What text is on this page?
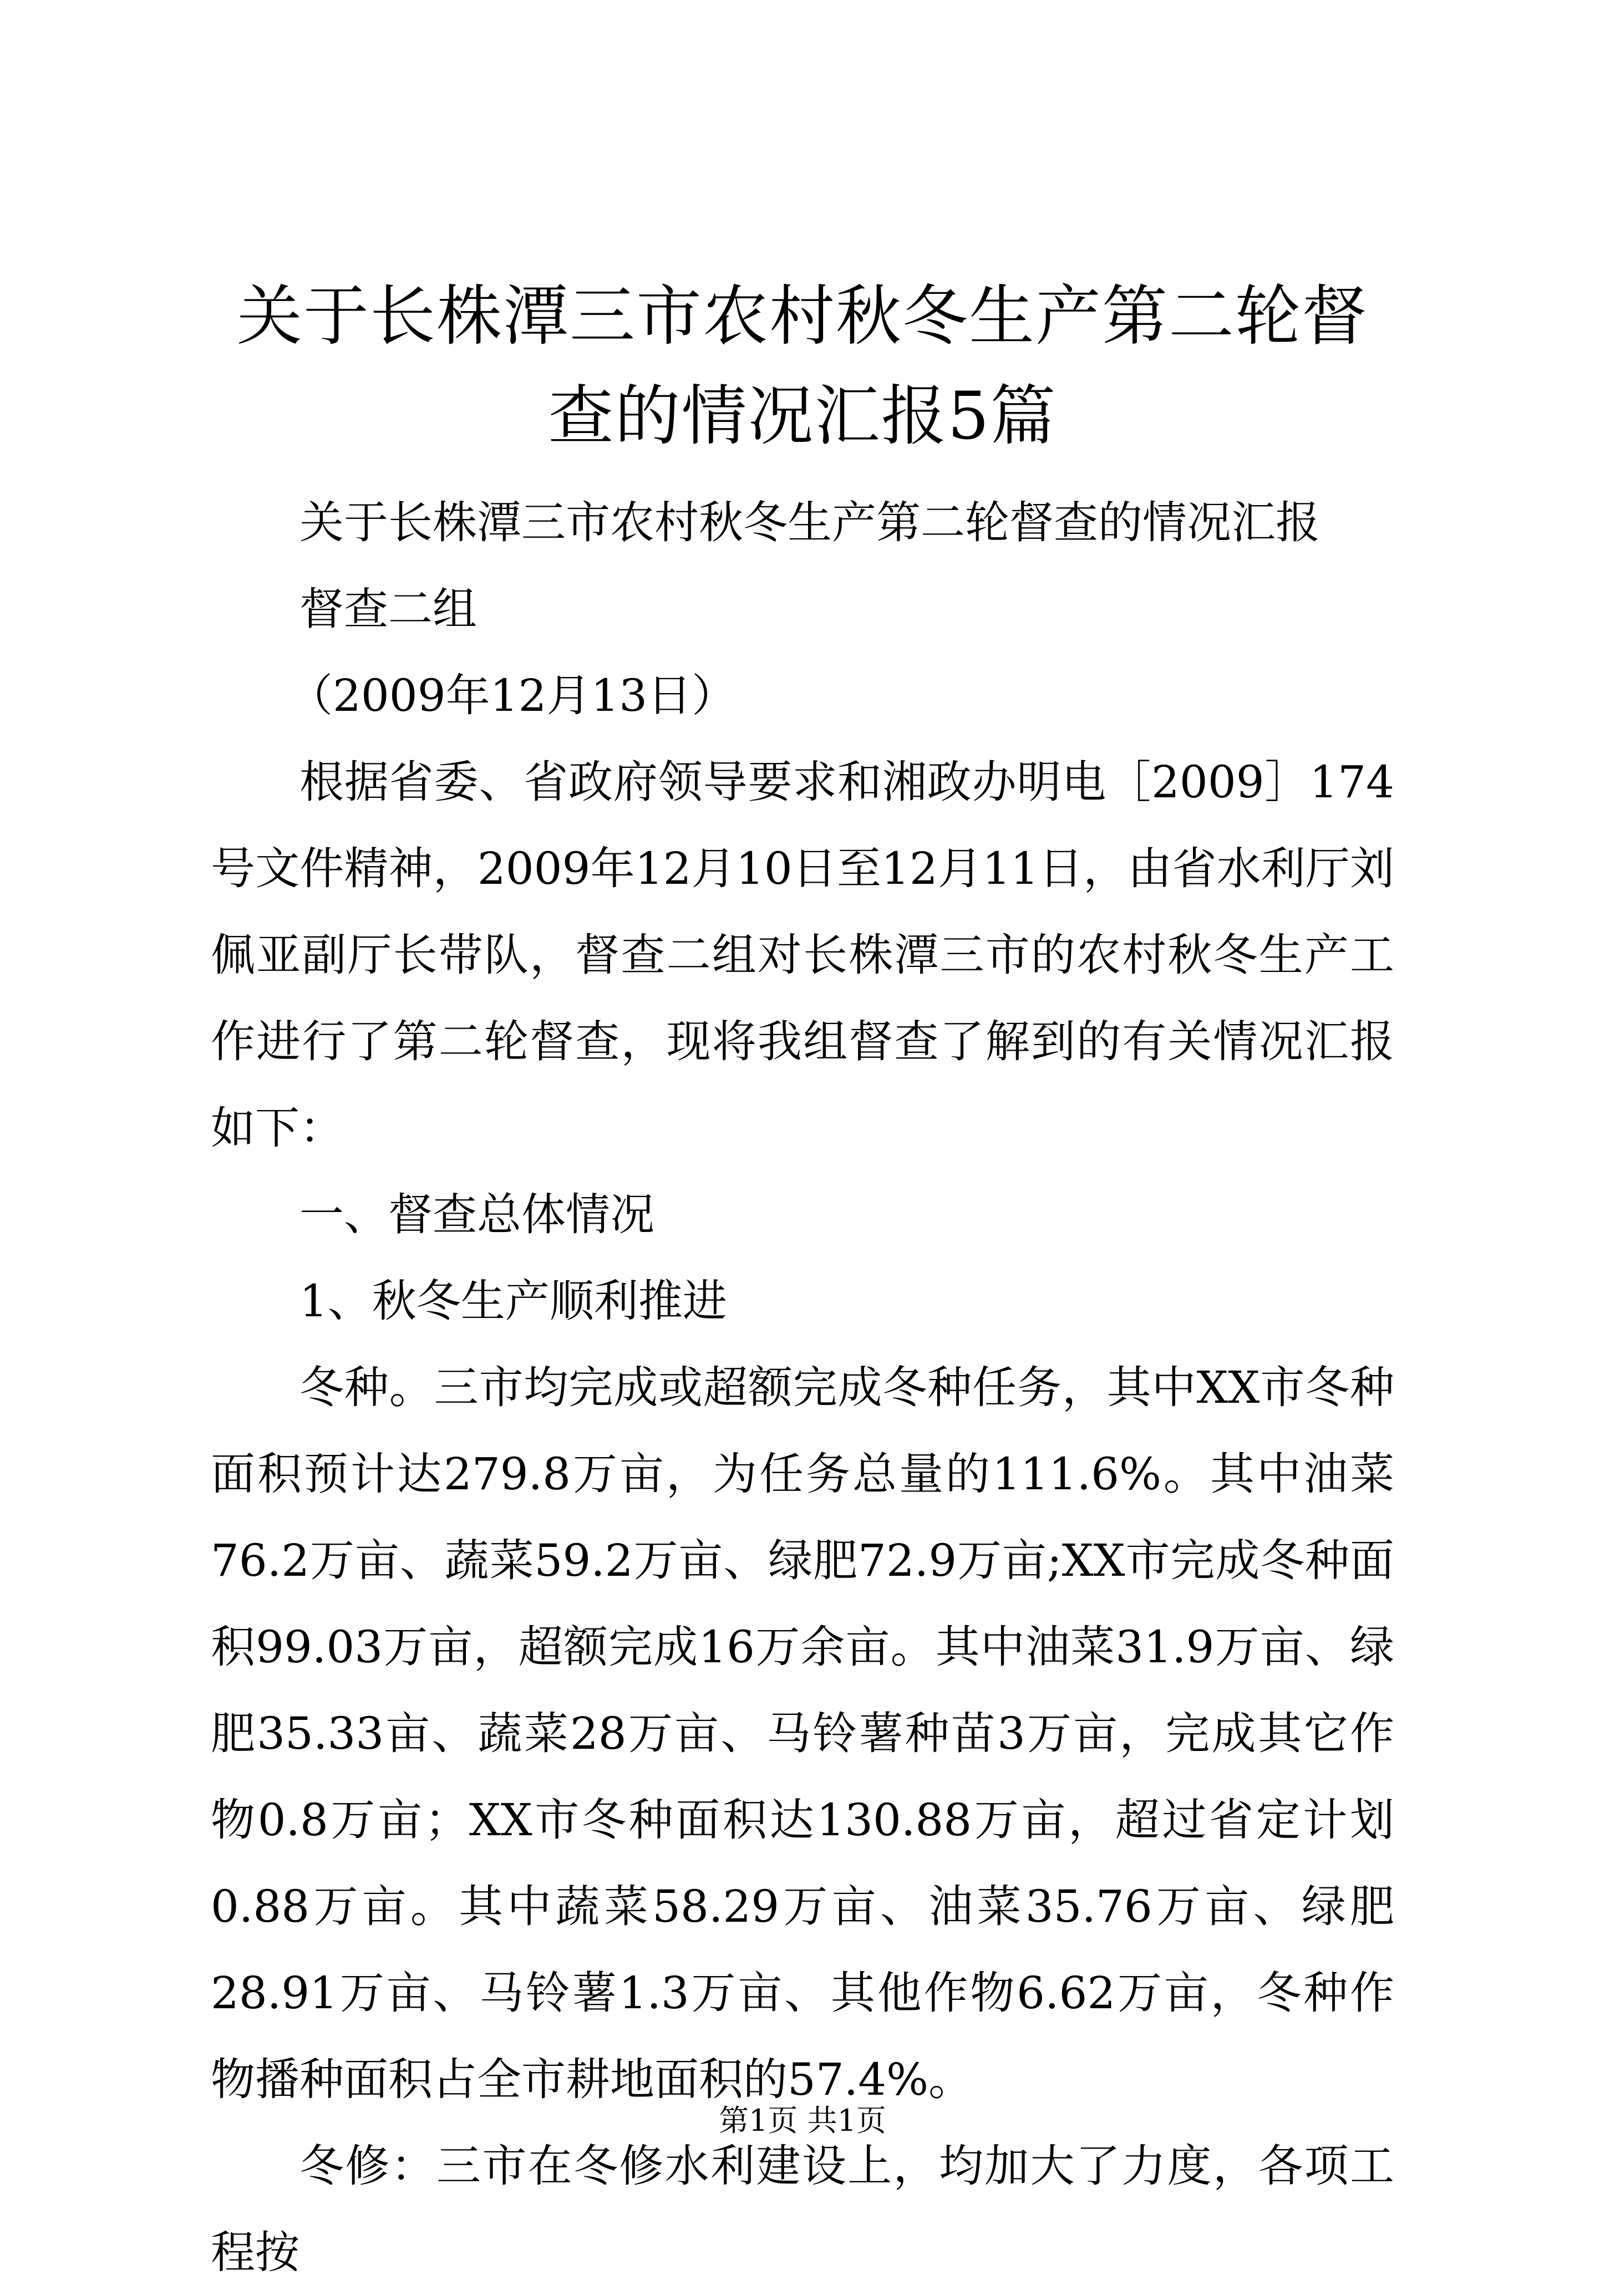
关于长株潭三市农村秋冬生产第二轮督查的情况汇报5篇

关于长株潭三市农村秋冬生产第二轮督查的情况汇报

督查二组

（2009年12月13日）

根据省委、省政府领导要求和湘政办明电［2009］174号文件精神，2009年12月10日至12月11日，由省水利厅刘佩亚副厅长带队，督查二组对长株潭三市的农村秋冬生产工作进行了第二轮督查，现将我组督查了解到的有关情况汇报如下：

一、督查总体情况

1、秋冬生产顺利推进

冬种。三市均完成或超额完成冬种任务，其中XX市冬种面积预计达279.8万亩，为任务总量的111.6%。其中油菜76.2万亩、蔬菜59.2万亩、绿肥72.9万亩;XX市完成冬种面积99.03万亩，超额完成16万余亩。其中油菜31.9万亩、绿肥35.33亩、蔬菜28万亩、马铃薯种苗3万亩，完成其它作物0.8万亩；XX市冬种面积达130.88万亩，超过省定计划0.88万亩。其中蔬菜58.29万亩、油菜35.76万亩、绿肥28.91万亩、马铃薯1.3万亩、其他作物6.62万亩，冬种作物播种面积占全市耕地面积的57.4%。

冬修：三市在冬修水利建设上，均加大了力度，各项工程按

第1页 共1页
